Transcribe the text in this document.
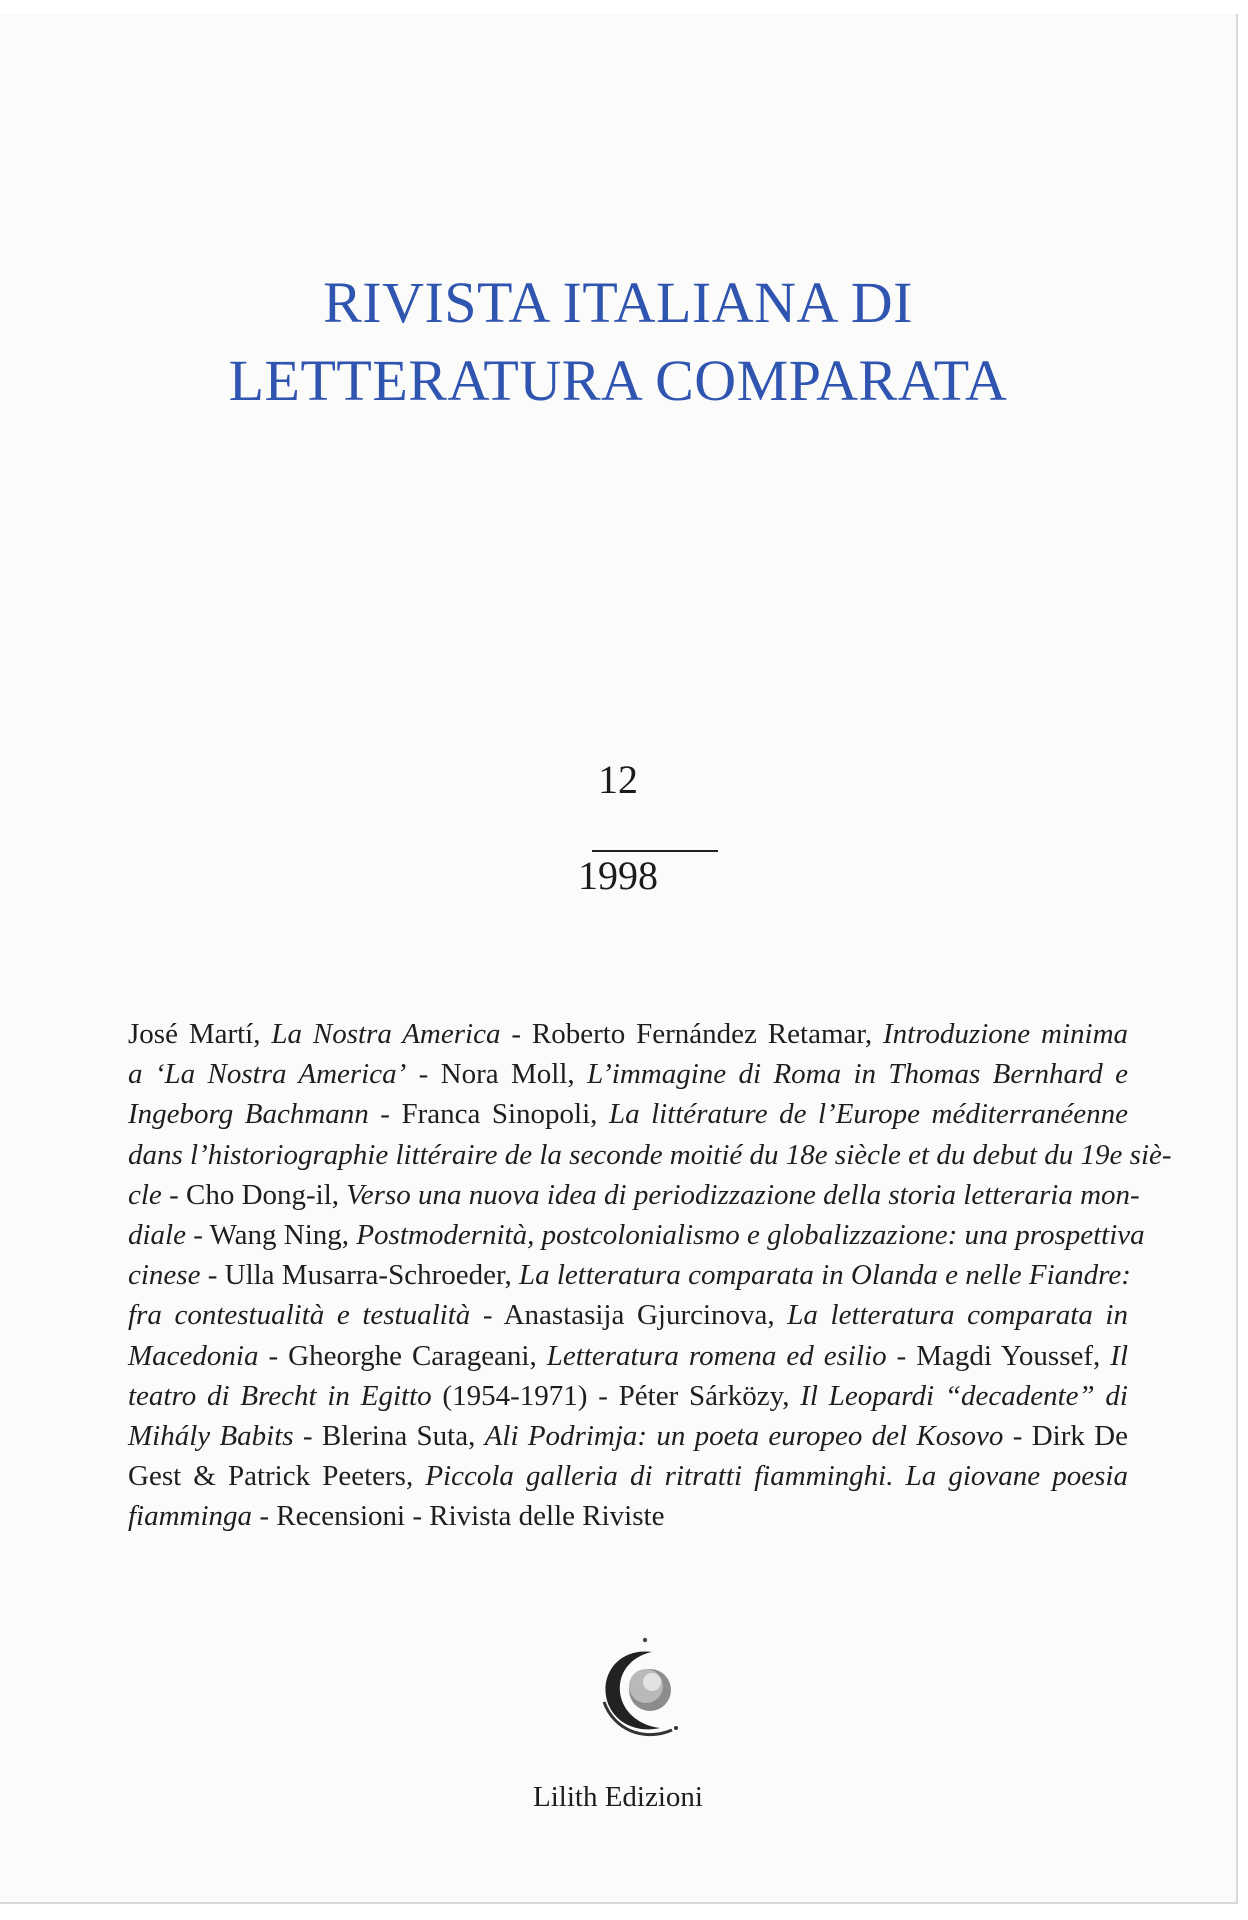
RIVISTA ITALIANA DI
LETTERATURA COMPARATA
12
1998
José Martí, La Nostra America - Roberto Fernández Retamar, Introduzione minima
a ‘La Nostra America’ - Nora Moll, L’immagine di Roma in Thomas Bernhard e
Ingeborg Bachmann - Franca Sinopoli, La littérature de l’Europe méditerranéenne
dans l’historiographie littéraire de la seconde moitié du 18e siècle et du debut du 19e siè-
cle - Cho Dong-il, Verso una nuova idea di periodizzazione della storia letteraria mon-
diale - Wang Ning, Postmodernità, postcolonialismo e globalizzazione: una prospettiva
cinese - Ulla Musarra-Schroeder, La letteratura comparata in Olanda e nelle Fiandre:
fra contestualità e testualità - Anastasija Gjurcinova, La letteratura comparata in
Macedonia - Gheorghe Carageani, Letteratura romena ed esilio - Magdi Youssef, Il
teatro di Brecht in Egitto (1954-1971) - Péter Sárközy, Il Leopardi “decadente” di
Mihály Babits - Blerina Suta, Ali Podrimja: un poeta europeo del Kosovo - Dirk De
Gest & Patrick Peeters, Piccola galleria di ritratti fiamminghi. La giovane poesia
fiamminga - Recensioni - Rivista delle Riviste
Lilith Edizioni
